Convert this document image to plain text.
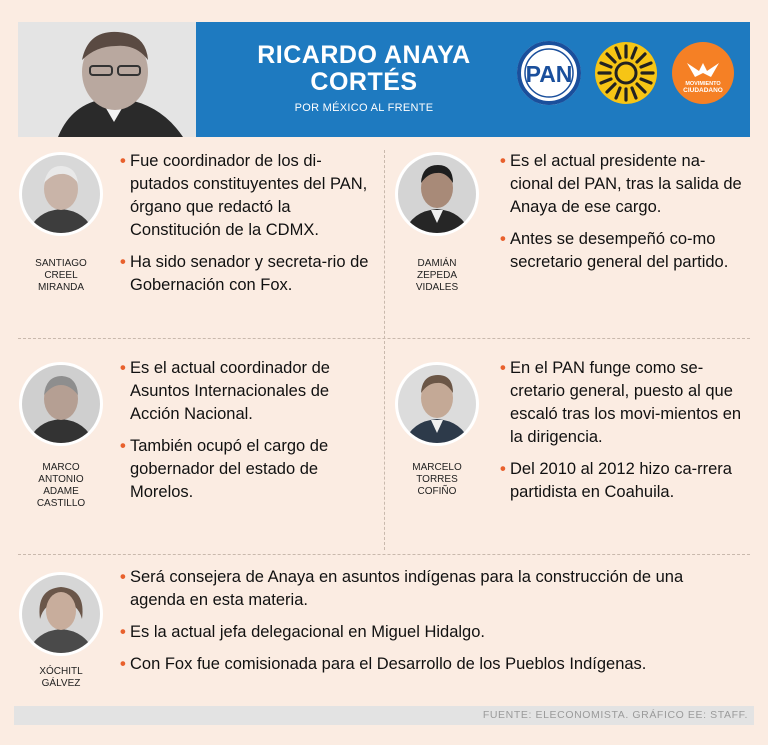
RICARDO ANAYA
CORTÉS
POR MÉXICO AL FRENTE
PAN	MOVIMIENTO
CIUDADANO
SANTIAGO
CREEL
MIRANDA
• Fue coordinador de los di-putados constituyentes del PAN, órgano que redactó la Constitución de la CDMX.
• Ha sido senador y secreta-rio de Gobernación con Fox.
DAMIÁN
ZEPEDA
VIDALES
• Es el actual presidente na-cional del PAN, tras la salida de Anaya de ese cargo.
• Antes se desempeñó co-mo secretario general del partido.
MARCO
ANTONIO
ADAME
CASTILLO
• Es el actual coordinador de Asuntos Internacionales de Acción Nacional.
• También ocupó el cargo de gobernador del estado de Morelos.
MARCELO
TORRES
COFIÑO
• En el PAN funge como se-cretario general, puesto al que escaló tras los movi-mientos en la dirigencia.
• Del 2010 al 2012 hizo ca-rrera partidista en Coahuila.
XÓCHITL
GÁLVEZ
• Será consejera de Anaya en asuntos indígenas para la construcción de una agenda en esta materia.
• Es la actual jefa delegacional en Miguel Hidalgo.
• Con Fox fue comisionada para el Desarrollo de los Pueblos Indígenas.
FUENTE: ELECONOMISTA. GRÁFICO EE: STAFF.
